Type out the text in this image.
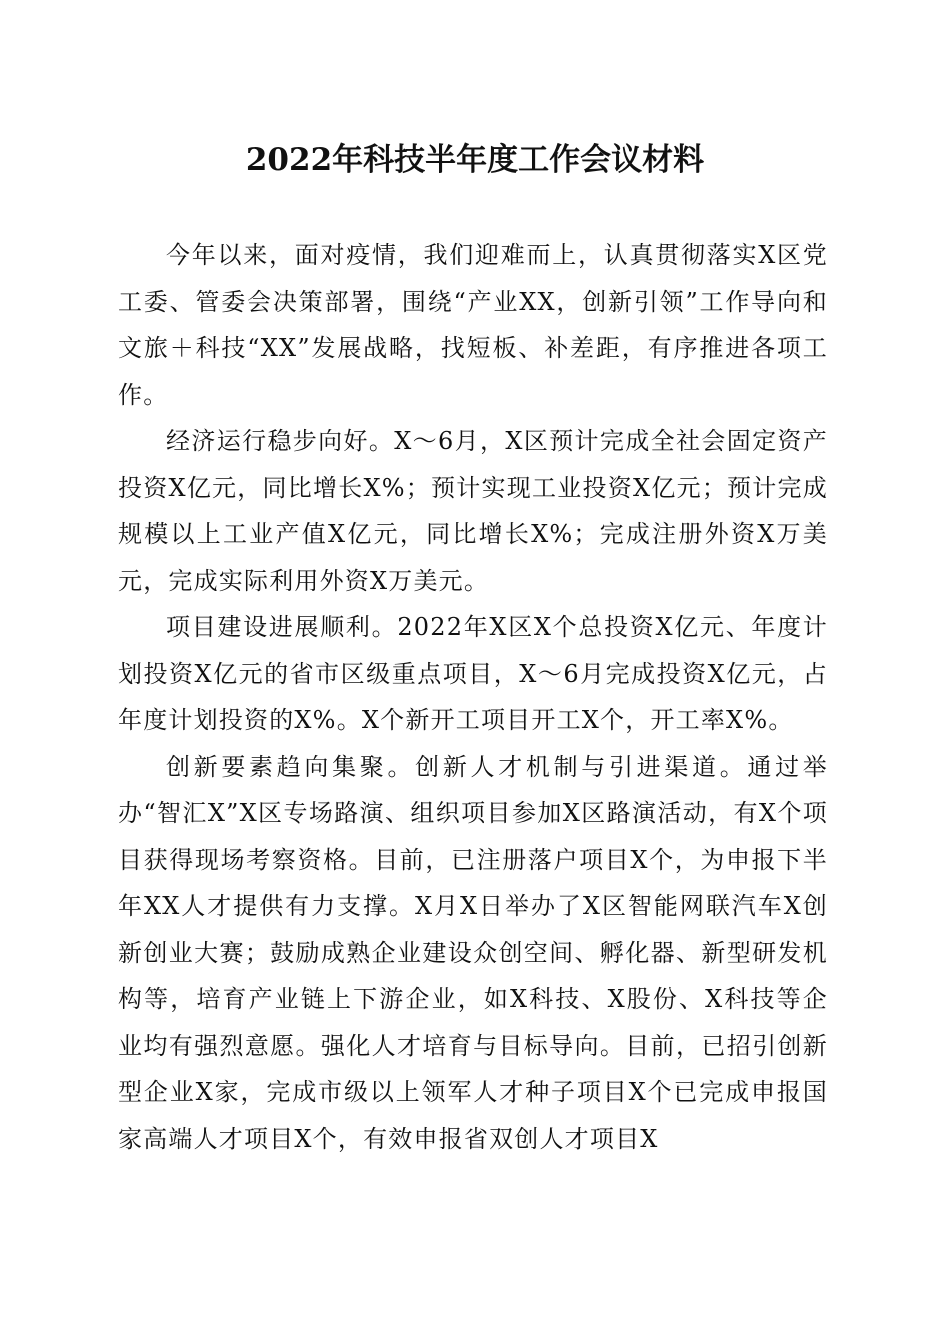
2022年科技半年度工作会议材料

今年以来，面对疫情，我们迎难而上，认真贯彻落实X区党工委、管委会决策部署，围绕“产业XX，创新引领”工作导向和文旅＋科技“XX”发展战略，找短板、补差距，有序推进各项工作。

经济运行稳步向好。X～6月，X区预计完成全社会固定资产投资X亿元，同比增长X%；预计实现工业投资X亿元；预计完成规模以上工业产值X亿元，同比增长X%；完成注册外资X万美元，完成实际利用外资X万美元。

项目建设进展顺利。2022年X区X个总投资X亿元、年度计划投资X亿元的省市区级重点项目，X～6月完成投资X亿元，占年度计划投资的X%。X个新开工项目开工X个，开工率X%。

创新要素趋向集聚。创新人才机制与引进渠道。通过举办“智汇X”X区专场路演、组织项目参加X区路演活动，有X个项目获得现场考察资格。目前，已注册落户项目X个，为申报下半年XX人才提供有力支撑。X月X日举办了X区智能网联汽车X创新创业大赛；鼓励成熟企业建设众创空间、孵化器、新型研发机构等，培育产业链上下游企业，如X科技、X股份、X科技等企业均有强烈意愿。强化人才培育与目标导向。目前，已招引创新型企业X家，完成市级以上领军人才种子项目X个已完成申报国家高端人才项目X个，有效申报省双创人才项目X
